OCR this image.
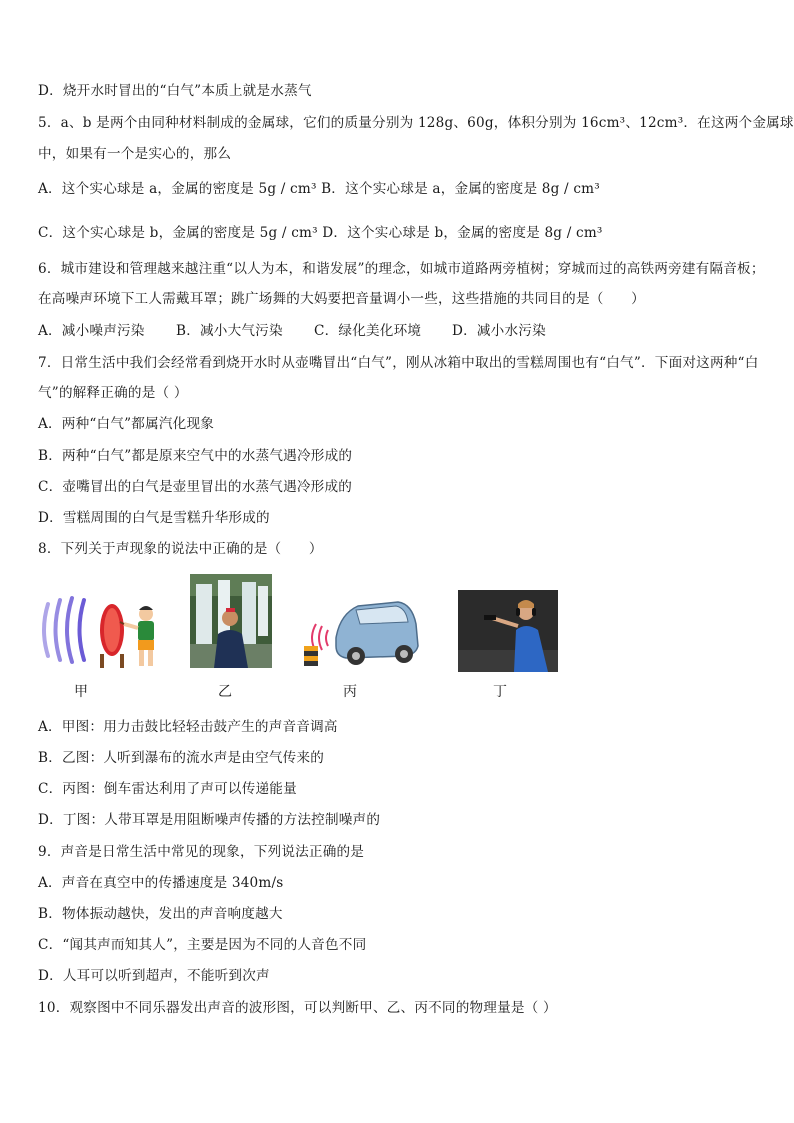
D．烧开水时冒出的“白气”本质上就是水蒸气
5．a、b 是两个由同种材料制成的金属球，它们的质量分别为 128g、60g，体积分别为 16cm³、12cm³．在这两个金属球
中，如果有一个是实心的，那么
A．这个实心球是 a，金属的密度是 5g / cm³ B．这个实心球是 a，金属的密度是 8g / cm³
C．这个实心球是 b，金属的密度是 5g / cm³ D．这个实心球是 b，金属的密度是 8g / cm³
6．城市建设和管理越来越注重“以人为本，和谐发展”的理念，如城市道路两旁植树；穿城而过的高铁两旁建有隔音板；
在高噪声环境下工人需戴耳罩；跳广场舞的大妈要把音量调小一些，这些措施的共同目的是（　　）
A．减小噪声污染 B．减小大气污染 C．绿化美化环境 D．减小水污染
7．日常生活中我们会经常看到烧开水时从壶嘴冒出“白气”，刚从冰箱中取出的雪糕周围也有“白气”．下面对这两种“白
气”的解释正确的是（ ）
A．两种“白气”都属汽化现象
B．两种“白气”都是原来空气中的水蒸气遇冷形成的
C．壶嘴冒出的白气是壶里冒出的水蒸气遇冷形成的
D．雪糕周围的白气是雪糕升华形成的
8．下列关于声现象的说法中正确的是（　　）
甲	乙	丙	丁
A．甲图：用力击鼓比轻轻击鼓产生的声音音调高
B．乙图：人听到瀑布的流水声是由空气传来的
C．丙图：倒车雷达利用了声可以传递能量
D．丁图：人带耳罩是用阻断噪声传播的方法控制噪声的
9．声音是日常生活中常见的现象，下列说法正确的是
A．声音在真空中的传播速度是 340m/s
B．物体振动越快，发出的声音响度越大
C．“闻其声而知其人”，主要是因为不同的人音色不同
D．人耳可以听到超声，不能听到次声
10．观察图中不同乐器发出声音的波形图，可以判断甲、乙、丙不同的物理量是（ ）
